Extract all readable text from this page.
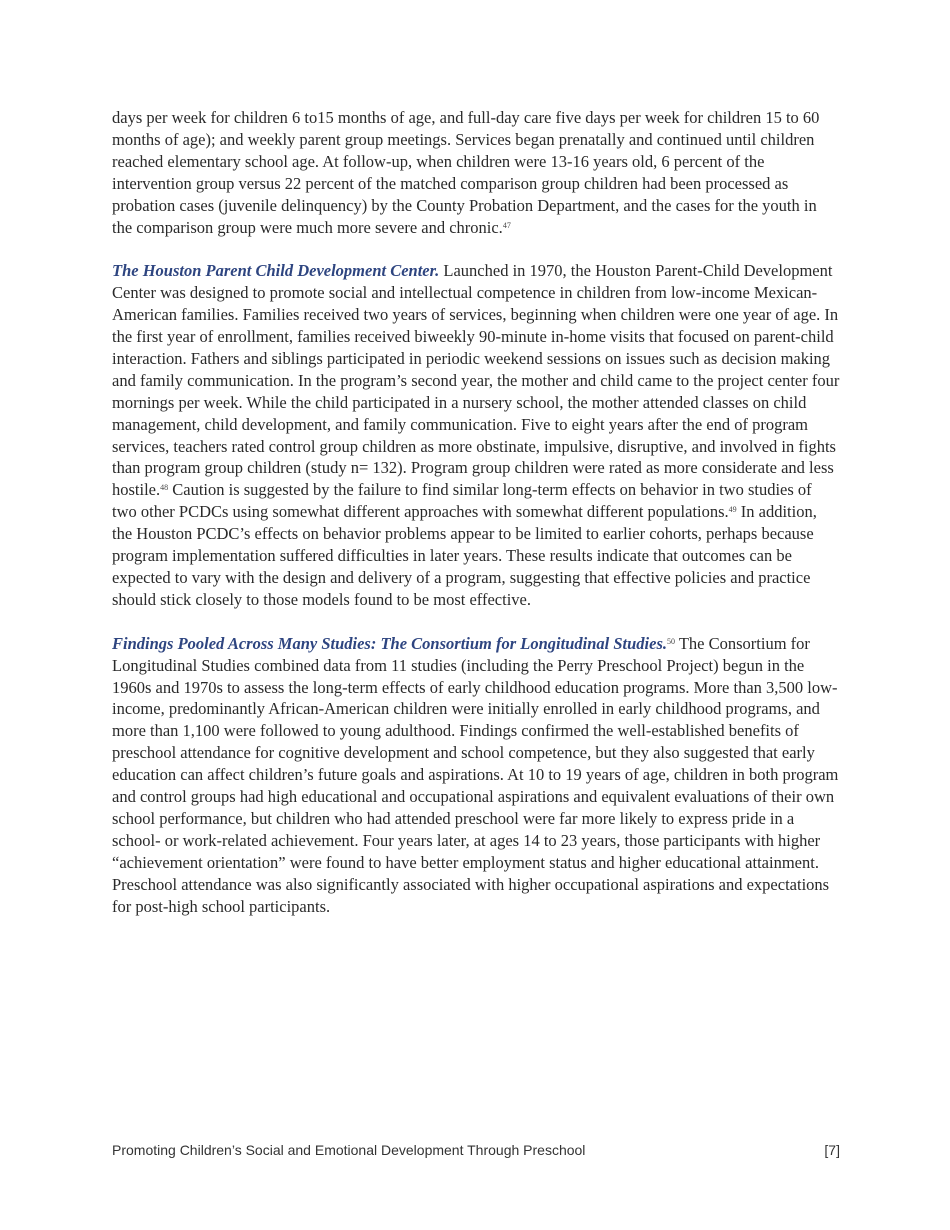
days per week for children 6 to15 months of age, and full-day care five days per week for children 15 to 60 months of age); and weekly parent group meetings. Services began prenatally and continued until children reached elementary school age. At follow-up, when children were 13-16 years old, 6 percent of the intervention group versus 22 percent of the matched comparison group children had been processed as probation cases (juvenile delinquency) by the County Probation Department, and the cases for the youth in the comparison group were much more severe and chronic.$^{47}$

The Houston Parent Child Development Center. Launched in 1970, the Houston Parent-Child Development Center was designed to promote social and intellectual competence in children from low-income Mexican-American families. Families received two years of services, beginning when children were one year of age. In the first year of enrollment, families received biweekly 90-minute in-home visits that focused on parent-child interaction. Fathers and siblings participated in periodic weekend sessions on issues such as decision making and family communication. In the program’s second year, the mother and child came to the project center four mornings per week. While the child participated in a nursery school, the mother attended classes on child management, child development, and family communication. Five to eight years after the end of program services, teachers rated control group children as more obstinate, impulsive, disruptive, and involved in fights than program group children (study n= 132). Program group children were rated as more considerate and less hostile.$^{48}$ Caution is suggested by the failure to find similar long-term effects on behavior in two studies of two other PCDCs using somewhat different approaches with somewhat different populations.$^{49}$ In addition, the Houston PCDC’s effects on behavior problems appear to be limited to earlier cohorts, perhaps because program implementation suffered difficulties in later years. These results indicate that outcomes can be expected to vary with the design and delivery of a program, suggesting that effective policies and practice should stick closely to those models found to be most effective.

Findings Pooled Across Many Studies: The Consortium for Longitudinal Studies.$^{50}$ The Consortium for Longitudinal Studies combined data from 11 studies (including the Perry Preschool Project) begun in the 1960s and 1970s to assess the long-term effects of early childhood education programs. More than 3,500 low-income, predominantly African-American children were initially enrolled in early childhood programs, and more than 1,100 were followed to young adulthood. Findings confirmed the well-established benefits of preschool attendance for cognitive development and school competence, but they also suggested that early education can affect children’s future goals and aspirations. At 10 to 19 years of age, children in both program and control groups had high educational and occupational aspirations and equivalent evaluations of their own school performance, but children who had attended preschool were far more likely to express pride in a school- or work-related achievement. Four years later, at ages 14 to 23 years, those participants with higher “achievement orientation” were found to have better employment status and higher educational attainment. Preschool attendance was also significantly associated with higher occupational aspirations and expectations for post-high school participants.

Promoting Children’s Social and Emotional Development Through Preschool	[7]
